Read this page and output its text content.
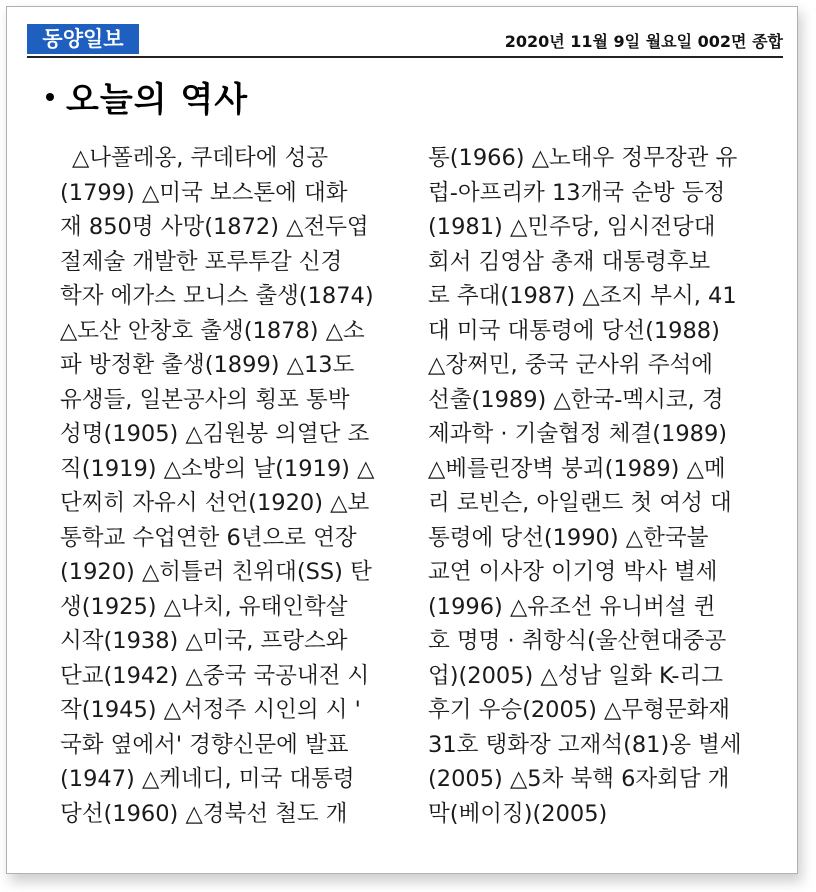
동양일보	2020년 11월 9일 월요일 002면 종합
오늘의 역사
△나폴레옹, 쿠데타에 성공
(1799) △미국 보스톤에 대화
재 850명 사망(1872) △전두엽
절제술 개발한 포루투갈 신경
학자 에가스 모니스 출생(1874)
△도산 안창호 출생(1878) △소
파 방정환 출생(1899) △13도
유생들, 일본공사의 횡포 통박
성명(1905) △김원봉 의열단 조
직(1919) △소방의 날(1919) △
단찌히 자유시 선언(1920) △보
통학교 수업연한 6년으로 연장
(1920) △히틀러 친위대(SS) 탄
생(1925) △나치, 유태인학살
시작(1938) △미국, 프랑스와
단교(1942) △중국 국공내전 시
작(1945) △서정주 시인의 시 '
국화 옆에서' 경향신문에 발표
(1947) △케네디, 미국 대통령
당선(1960) △경북선 철도 개
통(1966) △노태우 정무장관 유
럽-아프리카 13개국 순방 등정
(1981) △민주당, 임시전당대
회서 김영삼 총재 대통령후보
로 추대(1987) △조지 부시, 41
대 미국 대통령에 당선(1988)
△장쩌민, 중국 군사위 주석에
선출(1989) △한국-멕시코, 경
제과학 · 기술협정 체결(1989)
△베를린장벽 붕괴(1989) △메
리 로빈슨, 아일랜드 첫 여성 대
통령에 당선(1990) △한국불
교연 이사장 이기영 박사 별세
(1996) △유조선 유니버설 퀸
호 명명 · 취항식(울산현대중공
업)(2005) △성남 일화 K-리그
후기 우승(2005) △무형문화재
31호 탱화장 고재석(81)옹 별세
(2005) △5차 북핵 6자회담 개
막(베이징)(2005)
